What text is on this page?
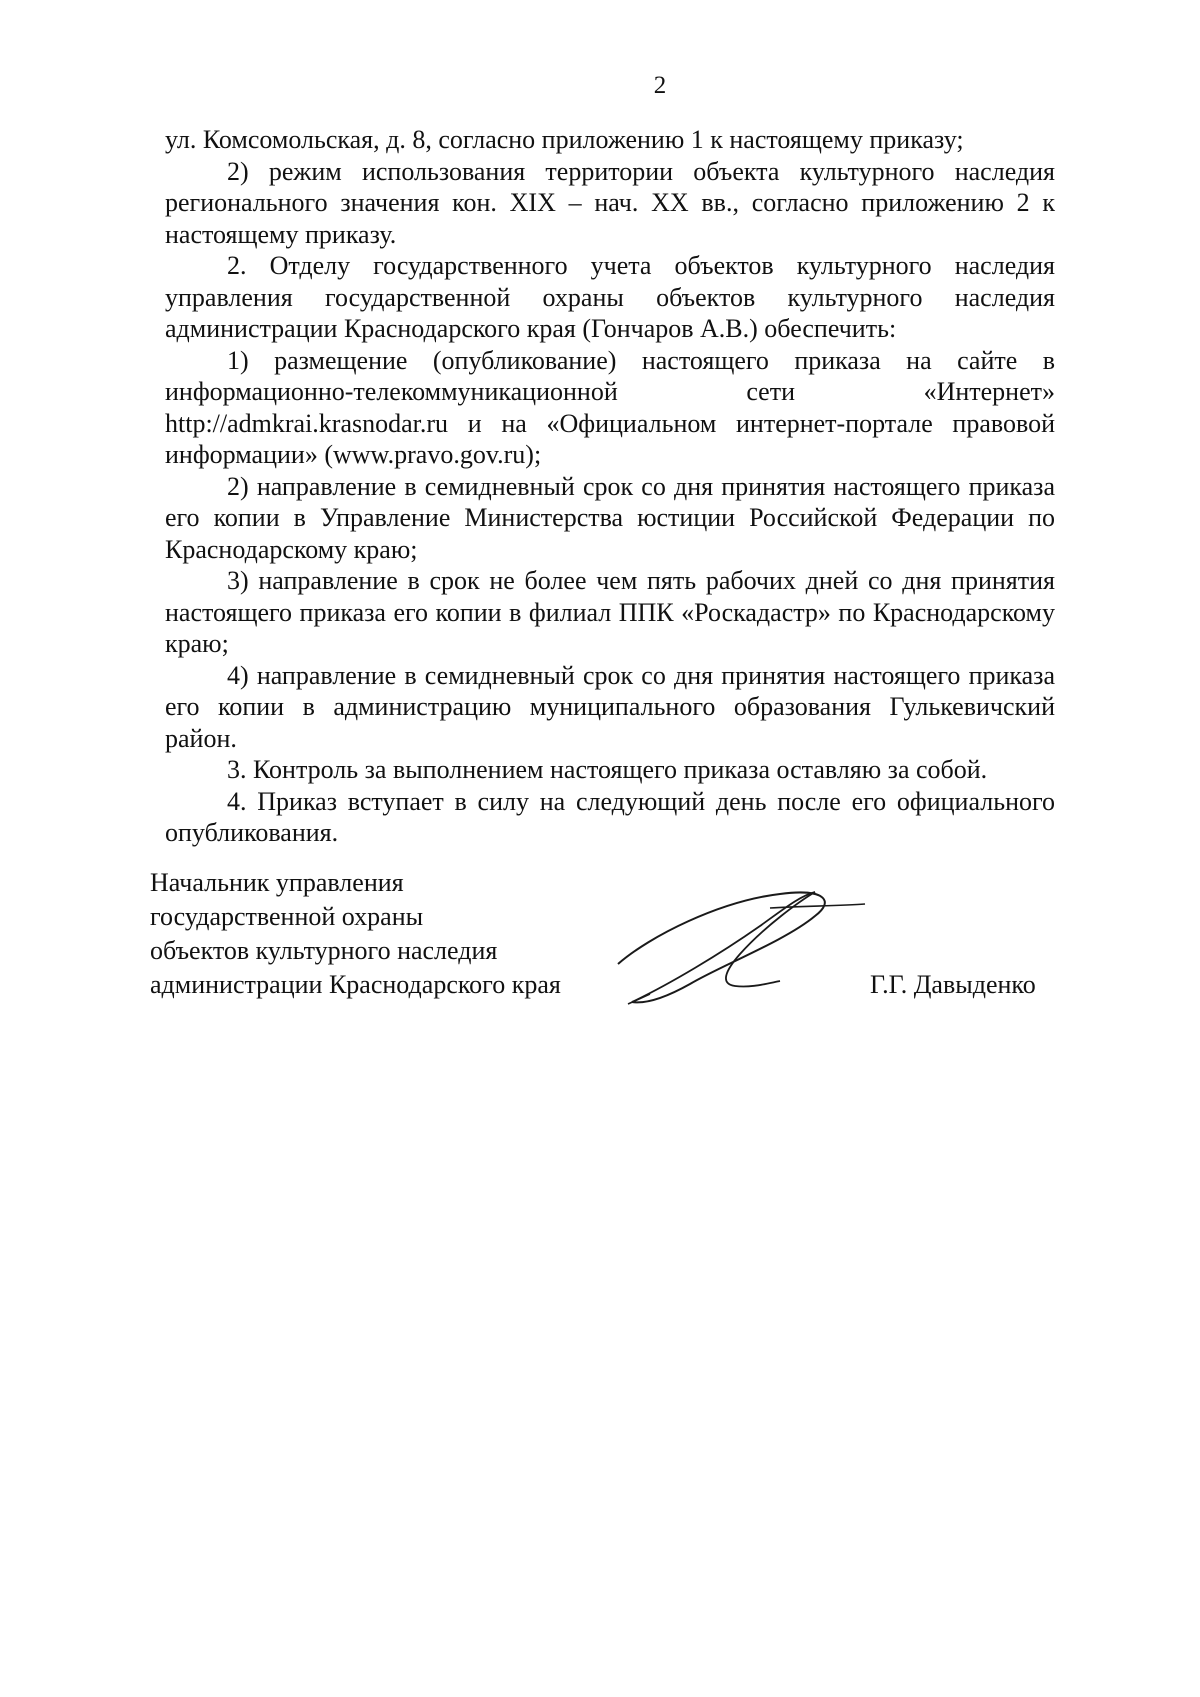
2

ул. Комсомольская, д. 8, согласно приложению 1 к настоящему приказу;

2) режим использования территории объекта культурного наследия регионального значения кон. XIX – нач. XX вв., согласно приложению 2 к настоящему приказу.

2. Отделу государственного учета объектов культурного наследия управления государственной охраны объектов культурного наследия администрации Краснодарского края (Гончаров А.В.) обеспечить:

1) размещение (опубликование) настоящего приказа на сайте в информационно-телекоммуникационной сети «Интернет» http://admkrai.krasnodar.ru и на «Официальном интернет-портале правовой информации» (www.pravo.gov.ru);

2) направление в семидневный срок со дня принятия настоящего приказа его копии в Управление Министерства юстиции Российской Федерации по Краснодарскому краю;

3) направление в срок не более чем пять рабочих дней со дня принятия настоящего приказа его копии в филиал ППК «Роскадастр» по Краснодарскому краю;

4) направление в семидневный срок со дня принятия настоящего приказа его копии в администрацию муниципального образования Гулькевичский район.

3. Контроль за выполнением настоящего приказа оставляю за собой.

4. Приказ вступает в силу на следующий день после его официального опубликования.

Начальник управления
государственной охраны
объектов культурного наследия
администрации Краснодарского края	Г.Г. Давыденко
